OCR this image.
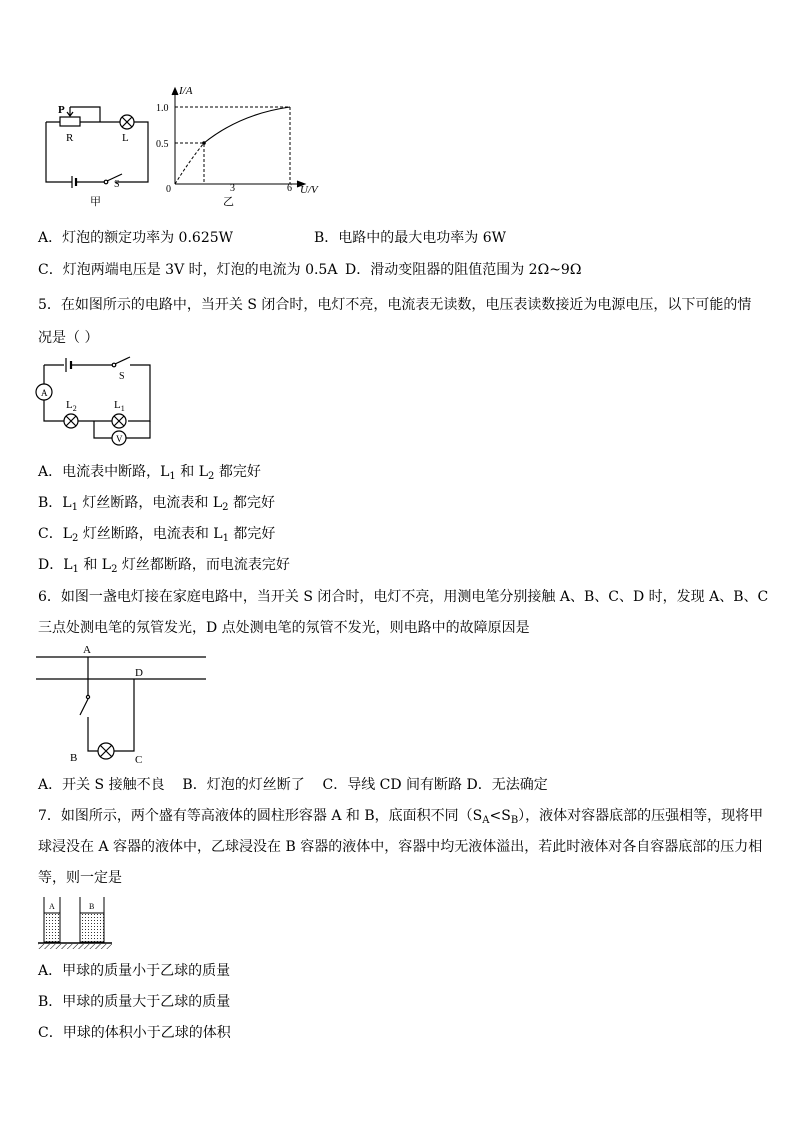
P
R	L
S
甲
I/A
U/V
1.0
0.5
0	3	6
乙
A．灯泡的额定功率为 0.625W	B．电路中的最大电功率为 6W
C．灯泡两端电压是 3V 时，灯泡的电流为 0.5A D．滑动变阻器的阻值范围为 2Ω~9Ω
5．在如图所示的电路中，当开关 S 闭合时，电灯不亮，电流表无读数，电压表读数接近为电源电压，以下可能的情
况是（ ）
A
V
S
$L_2$	$L_1$
A．电流表中断路，$L_1$ 和 $L_2$ 都完好
B．$L_1$ 灯丝断路，电流表和 $L_2$ 都完好
C．$L_2$ 灯丝断路，电流表和 $L_1$ 都完好
D．$L_1$ 和 $L_2$ 灯丝都断路，而电流表完好
6．如图一盏电灯接在家庭电路中，当开关 S 闭合时，电灯不亮，用测电笔分别接触 A、B、C、D 时，发现 A、B、C
三点处测电笔的氖管发光，D 点处测电笔的氖管不发光，则电路中的故障原因是
A
D
B	C
A．开关 S 接触不良    B．灯泡的灯丝断了    C．导线 CD 间有断路 D．无法确定
7．如图所示，两个盛有等高液体的圆柱形容器 A 和 B，底面积不同$(S_A<S_B)$，液体对容器底部的压强相等，现将甲
球浸没在 A 容器的液体中，乙球浸没在 B 容器的液体中，容器中均无液体溢出，若此时液体对各自容器底部的压力相
等，则一定是
A	B
A．甲球的质量小于乙球的质量
B．甲球的质量大于乙球的质量
C．甲球的体积小于乙球的体积
